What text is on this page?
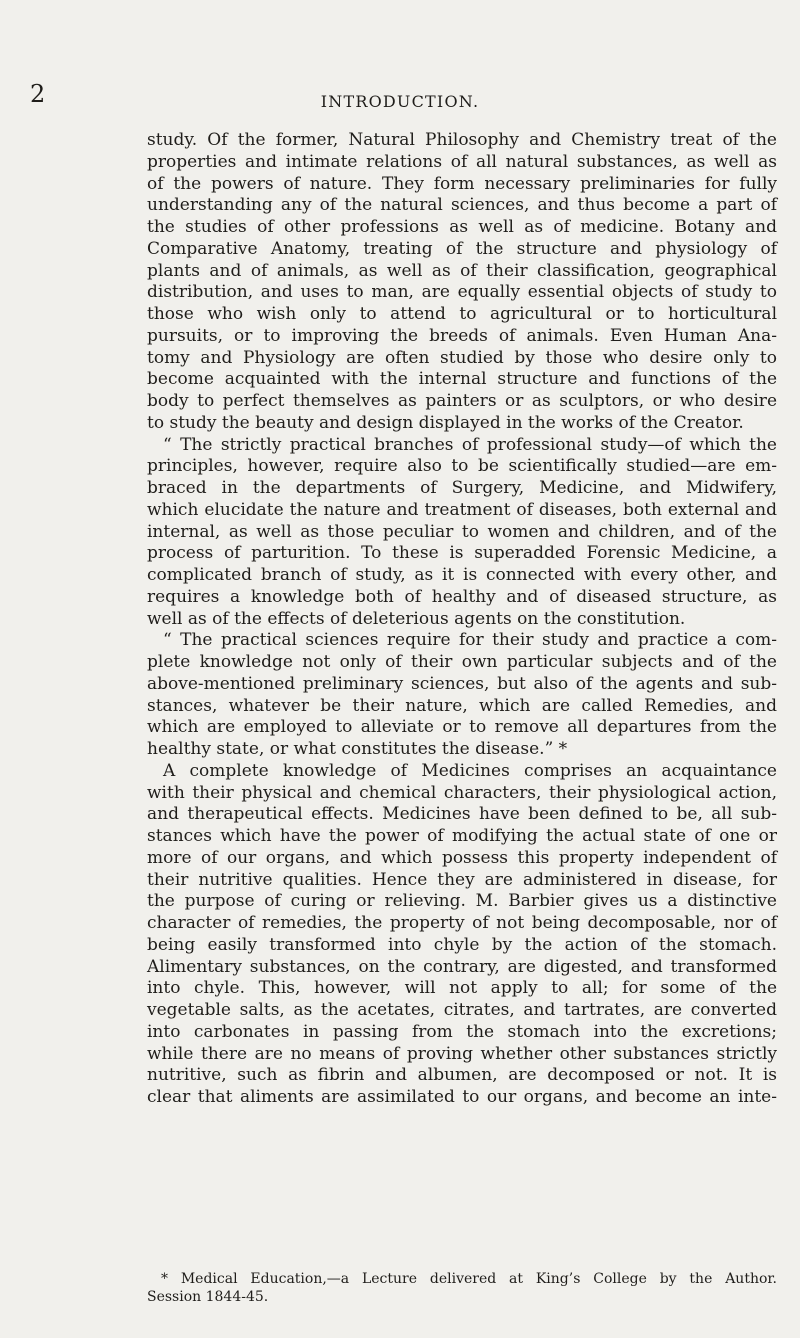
2	INTRODUCTION.
study. Of the former, Natural Philosophy and Chemistry treat of the
properties and intimate relations of all natural substances, as well as
of the powers of nature. They form necessary preliminaries for fully
understanding any of the natural sciences, and thus become a part of
the studies of other professions as well as of medicine. Botany and
Comparative Anatomy, treating of the structure and physiology of
plants and of animals, as well as of their classification, geographical
distribution, and uses to man, are equally essential objects of study to
those who wish only to attend to agricultural or to horticultural
pursuits, or to improving the breeds of animals. Even Human Ana-
tomy and Physiology are often studied by those who desire only to
become acquainted with the internal structure and functions of the
body to perfect themselves as painters or as sculptors, or who desire
to study the beauty and design displayed in the works of the Creator.
“ The strictly practical branches of professional study—of which the
principles, however, require also to be scientifically studied—are em-
braced in the departments of Surgery, Medicine, and Midwifery,
which elucidate the nature and treatment of diseases, both external and
internal, as well as those peculiar to women and children, and of the
process of parturition. To these is superadded Forensic Medicine, a
complicated branch of study, as it is connected with every other, and
requires a knowledge both of healthy and of diseased structure, as
well as of the effects of deleterious agents on the constitution.
“ The practical sciences require for their study and practice a com-
plete knowledge not only of their own particular subjects and of the
above-mentioned preliminary sciences, but also of the agents and sub-
stances, whatever be their nature, which are called Remedies, and
which are employed to alleviate or to remove all departures from the
healthy state, or what constitutes the disease.” *
A complete knowledge of Medicines comprises an acquaintance
with their physical and chemical characters, their physiological action,
and therapeutical effects. Medicines have been defined to be, all sub-
stances which have the power of modifying the actual state of one or
more of our organs, and which possess this property independent of
their nutritive qualities. Hence they are administered in disease, for
the purpose of curing or relieving. M. Barbier gives us a distinctive
character of remedies, the property of not being decomposable, nor of
being easily transformed into chyle by the action of the stomach.
Alimentary substances, on the contrary, are digested, and transformed
into chyle. This, however, will not apply to all; for some of the
vegetable salts, as the acetates, citrates, and tartrates, are converted
into carbonates in passing from the stomach into the excretions;
while there are no means of proving whether other substances strictly
nutritive, such as fibrin and albumen, are decomposed or not. It is
clear that aliments are assimilated to our organs, and become an inte-
* Medical Education,—a Lecture delivered at King’s College by the Author.
Session 1844-45.
